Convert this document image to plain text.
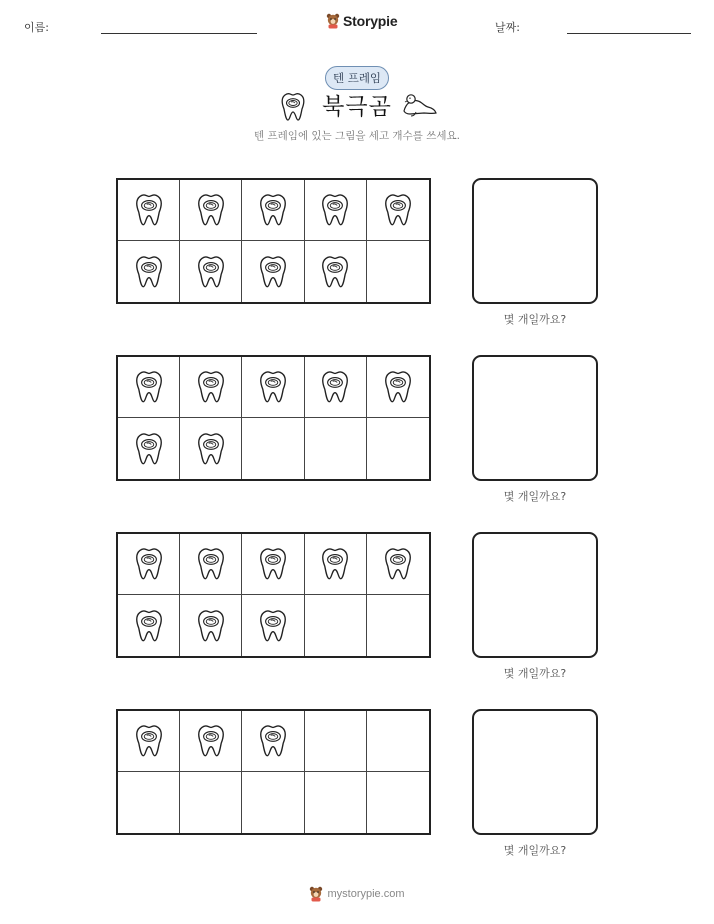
이름:	Storypie	날짜:
텐 프레임
북극곰
텐 프레임에 있는 그림을 세고 개수를 쓰세요.
몇 개일까요?
몇 개일까요?
몇 개일까요?
몇 개일까요?
mystorypie.com
